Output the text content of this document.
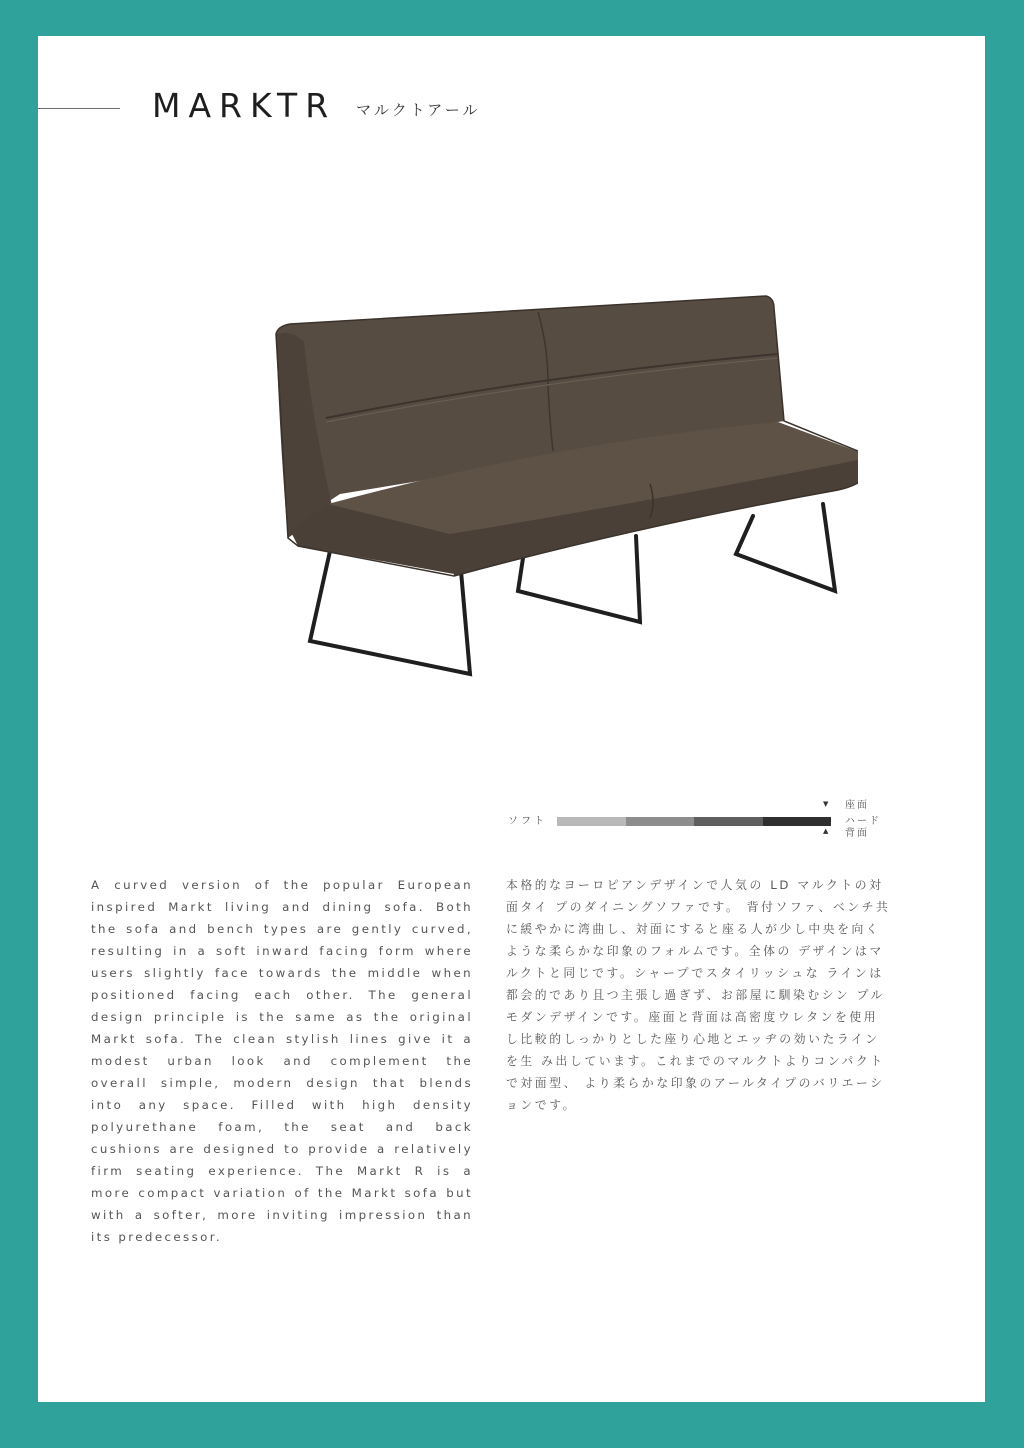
MARKTR マルクトアール
ソフト
▼
▲
座面
ハード
背面
A curved version of the popular European inspired Markt living and dining sofa. Both the sofa and bench types are gently curved, resulting in a soft inward facing form where users slightly face towards the middle when positioned facing each other. The general design principle is the same as the original Markt sofa. The clean stylish lines give it a modest urban look and complement the overall simple, modern design that blends into any space. Filled with high density polyurethane foam, the seat and back cushions are designed to provide a relatively firm seating experience. The Markt R is a more compact variation of the Markt sofa but with a softer, more inviting impression than its predecessor.
本格的なヨーロピアンデザインで人気の LD マルクトの対面タイ プのダイニングソファです。 背付ソファ、ベンチ共に緩やかに湾曲し、対面にすると座る人が少し中央を向くような柔らかな印象のフォルムです。全体の デザインはマルクトと同じです。シャープでスタイリッシュな ラインは都会的であり且つ主張し過ぎず、お部屋に馴染むシン プルモダンデザインです。座面と背面は高密度ウレタンを使用 し比較的しっかりとした座り心地とエッヂの効いたラインを生 み出しています。これまでのマルクトよりコンパクトで対面型、 より柔らかな印象のアールタイプのバリエーションです。
